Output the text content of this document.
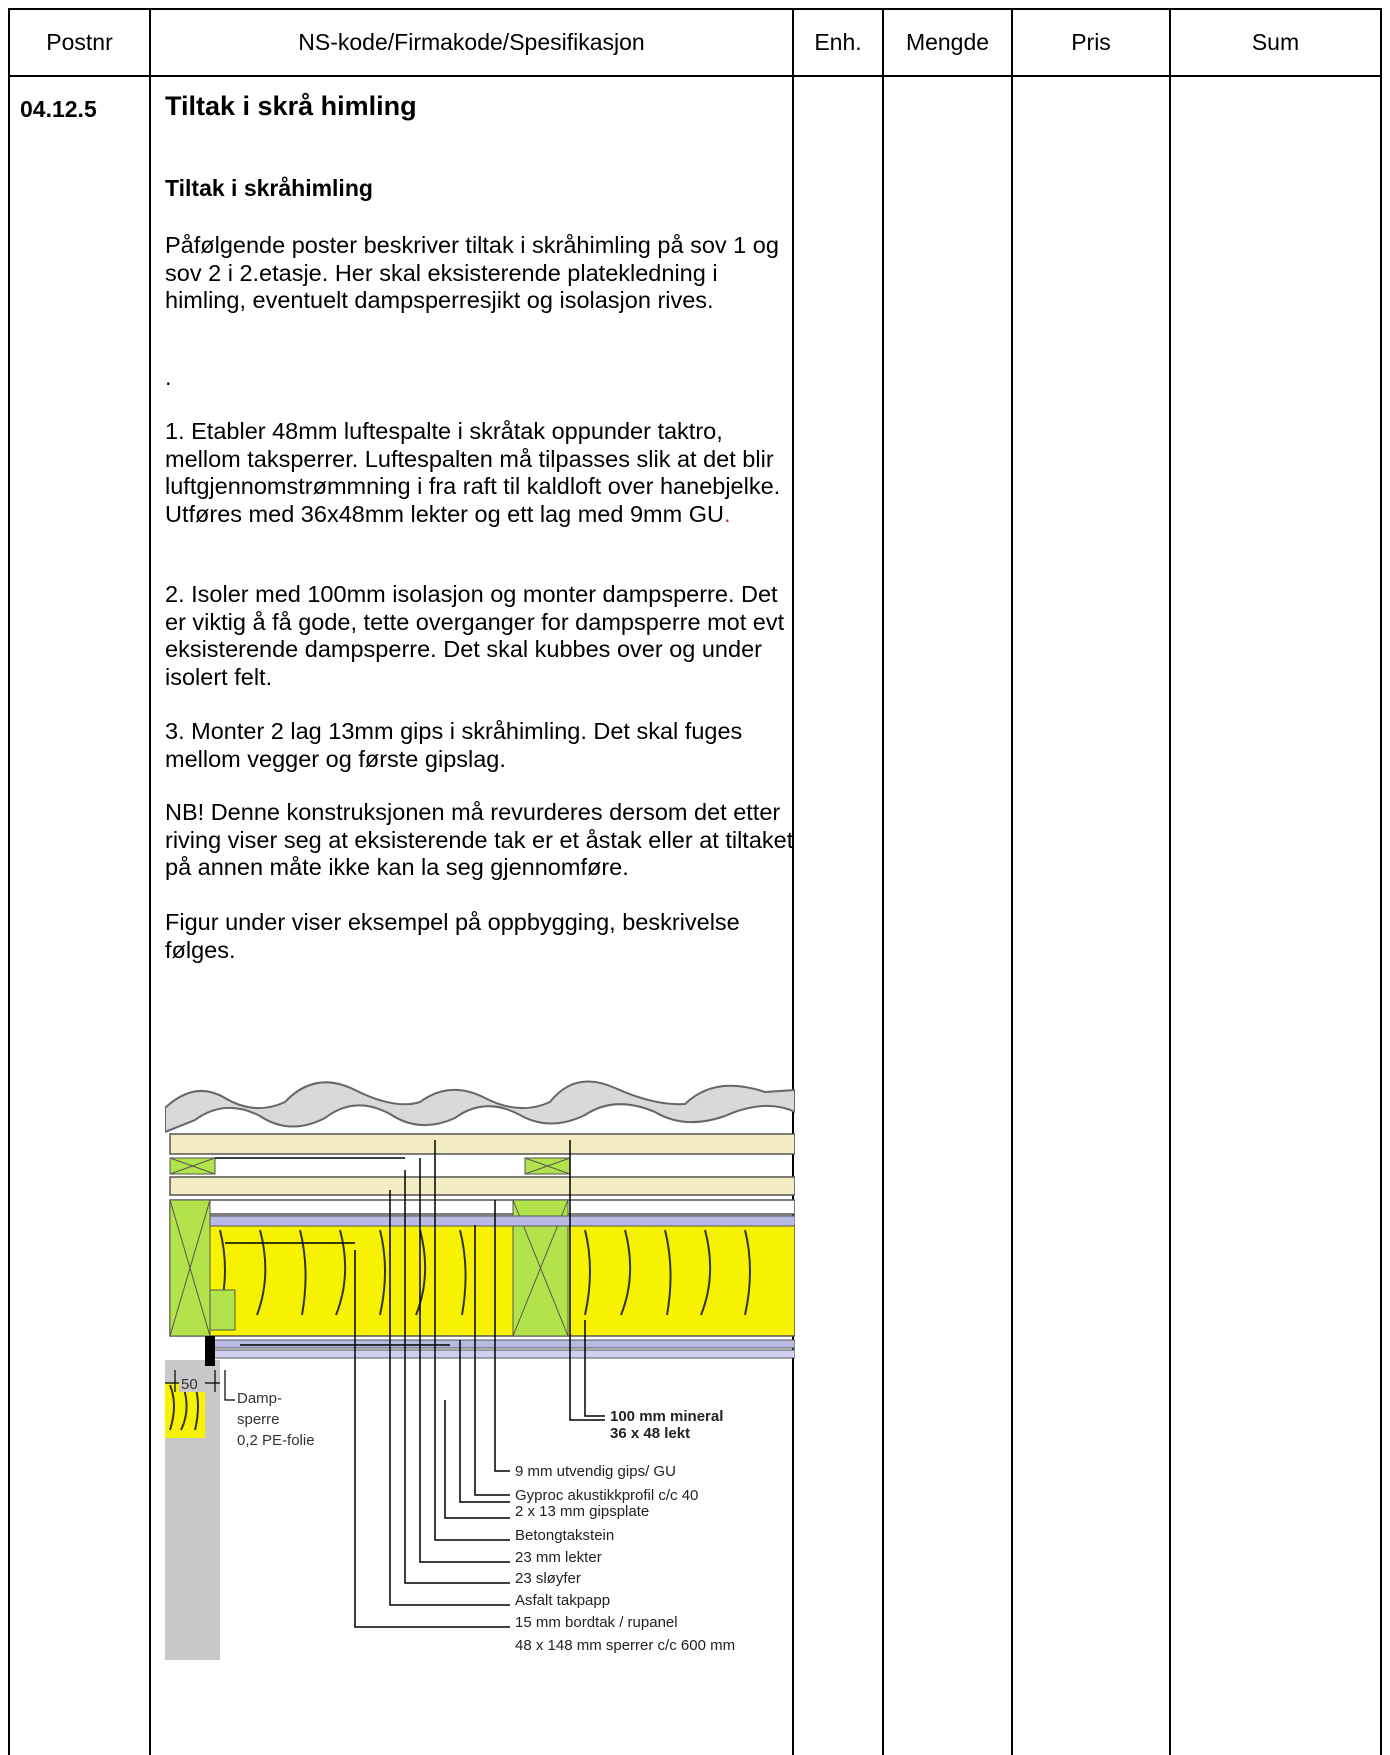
Postnr	NS-kode/Firmakode/Spesifikasjon	Enh.	Mengde	Pris	Sum
04.12.5	Tiltak i skrå himling
Tiltak i skråhimling

Påfølgende poster beskriver tiltak i skråhimling på sov 1 og sov 2 i 2.etasje. Her skal eksisterende platekledning i himling, eventuelt dampsperresjikt og isolasjon rives.

.

1. Etabler 48mm luftespalte i skråtak oppunder taktro, mellom taksperrer. Luftespalten må tilpasses slik at det blir luftgjennomstrømmning i fra raft til kaldloft over hanebjelke. Utføres med 36x48mm lekter og ett lag med 9mm GU.

2. Isoler med 100mm isolasjon og monter dampsperre. Det er viktig å få gode, tette overganger for dampsperre mot evt eksisterende dampsperre. Det skal kubbes over og under isolert felt.

3. Monter 2 lag 13mm gips i skråhimling. Det skal fuges mellom vegger og første gipslag.

NB! Denne konstruksjonen må revurderes dersom det etter riving viser seg at eksisterende tak er et åstak eller at tiltaket på annen måte ikke kan la seg gjennomføre.

Figur under viser eksempel på oppbygging, beskrivelse følges.

50
Damp-
sperre
0,2 PE-folie
100 mm mineral
36 x 48 lekt
9 mm utvendig gips/ GU
Gyproc akustikkprofil c/c 40
2 x 13 mm gipsplate
Betongtakstein
23 mm lekter
23 sløyfer
Asfalt takpapp
15 mm bordtak / rupanel
48 x 148 mm sperrer c/c 600 mm
